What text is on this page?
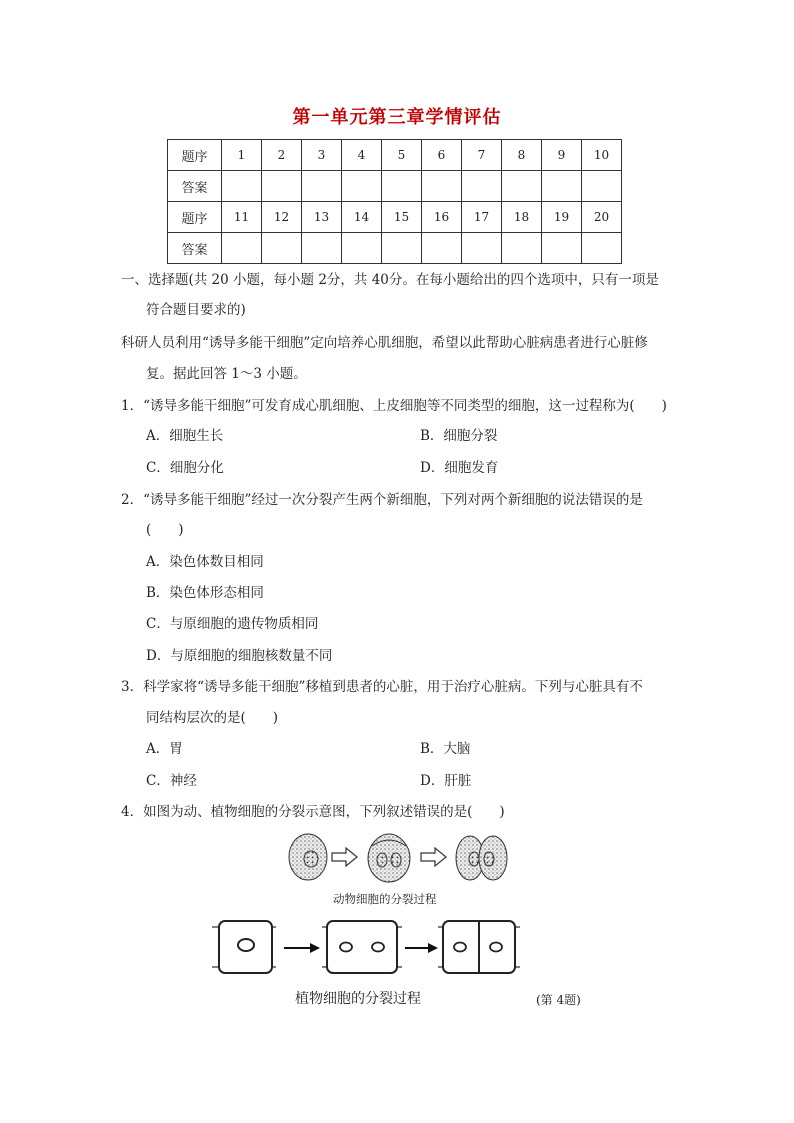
第一单元第三章学情评估
题序	1	2	3	4	5	6	7	8	9	10
答案										
题序	11	12	13	14	15	16	17	18	19	20
答案										
一、选择题(共 20 小题，每小题 2分，共 40分。在每小题给出的四个选项中，只有一项是
符合题目要求的)
科研人员利用“诱导多能干细胞”定向培养心肌细胞，希望以此帮助心脏病患者进行心脏修
复。据此回答 1～3 小题。
1．“诱导多能干细胞”可发育成心肌细胞、上皮细胞等不同类型的细胞，这一过程称为(　　)
A．细胞生长	B．细胞分裂
C．细胞分化	D．细胞发育
2．“诱导多能干细胞”经过一次分裂产生两个新细胞，下列对两个新细胞的说法错误的是
(　　)
A．染色体数目相同
B．染色体形态相同
C．与原细胞的遗传物质相同
D．与原细胞的细胞核数量不同
3．科学家将“诱导多能干细胞”移植到患者的心脏，用于治疗心脏病。下列与心脏具有不
同结构层次的是(　　)
A．胃	B．大脑
C．神经	D．肝脏
4．如图为动、植物细胞的分裂示意图，下列叙述错误的是(　　)
动物细胞的分裂过程
植物细胞的分裂过程	(第 4题)
